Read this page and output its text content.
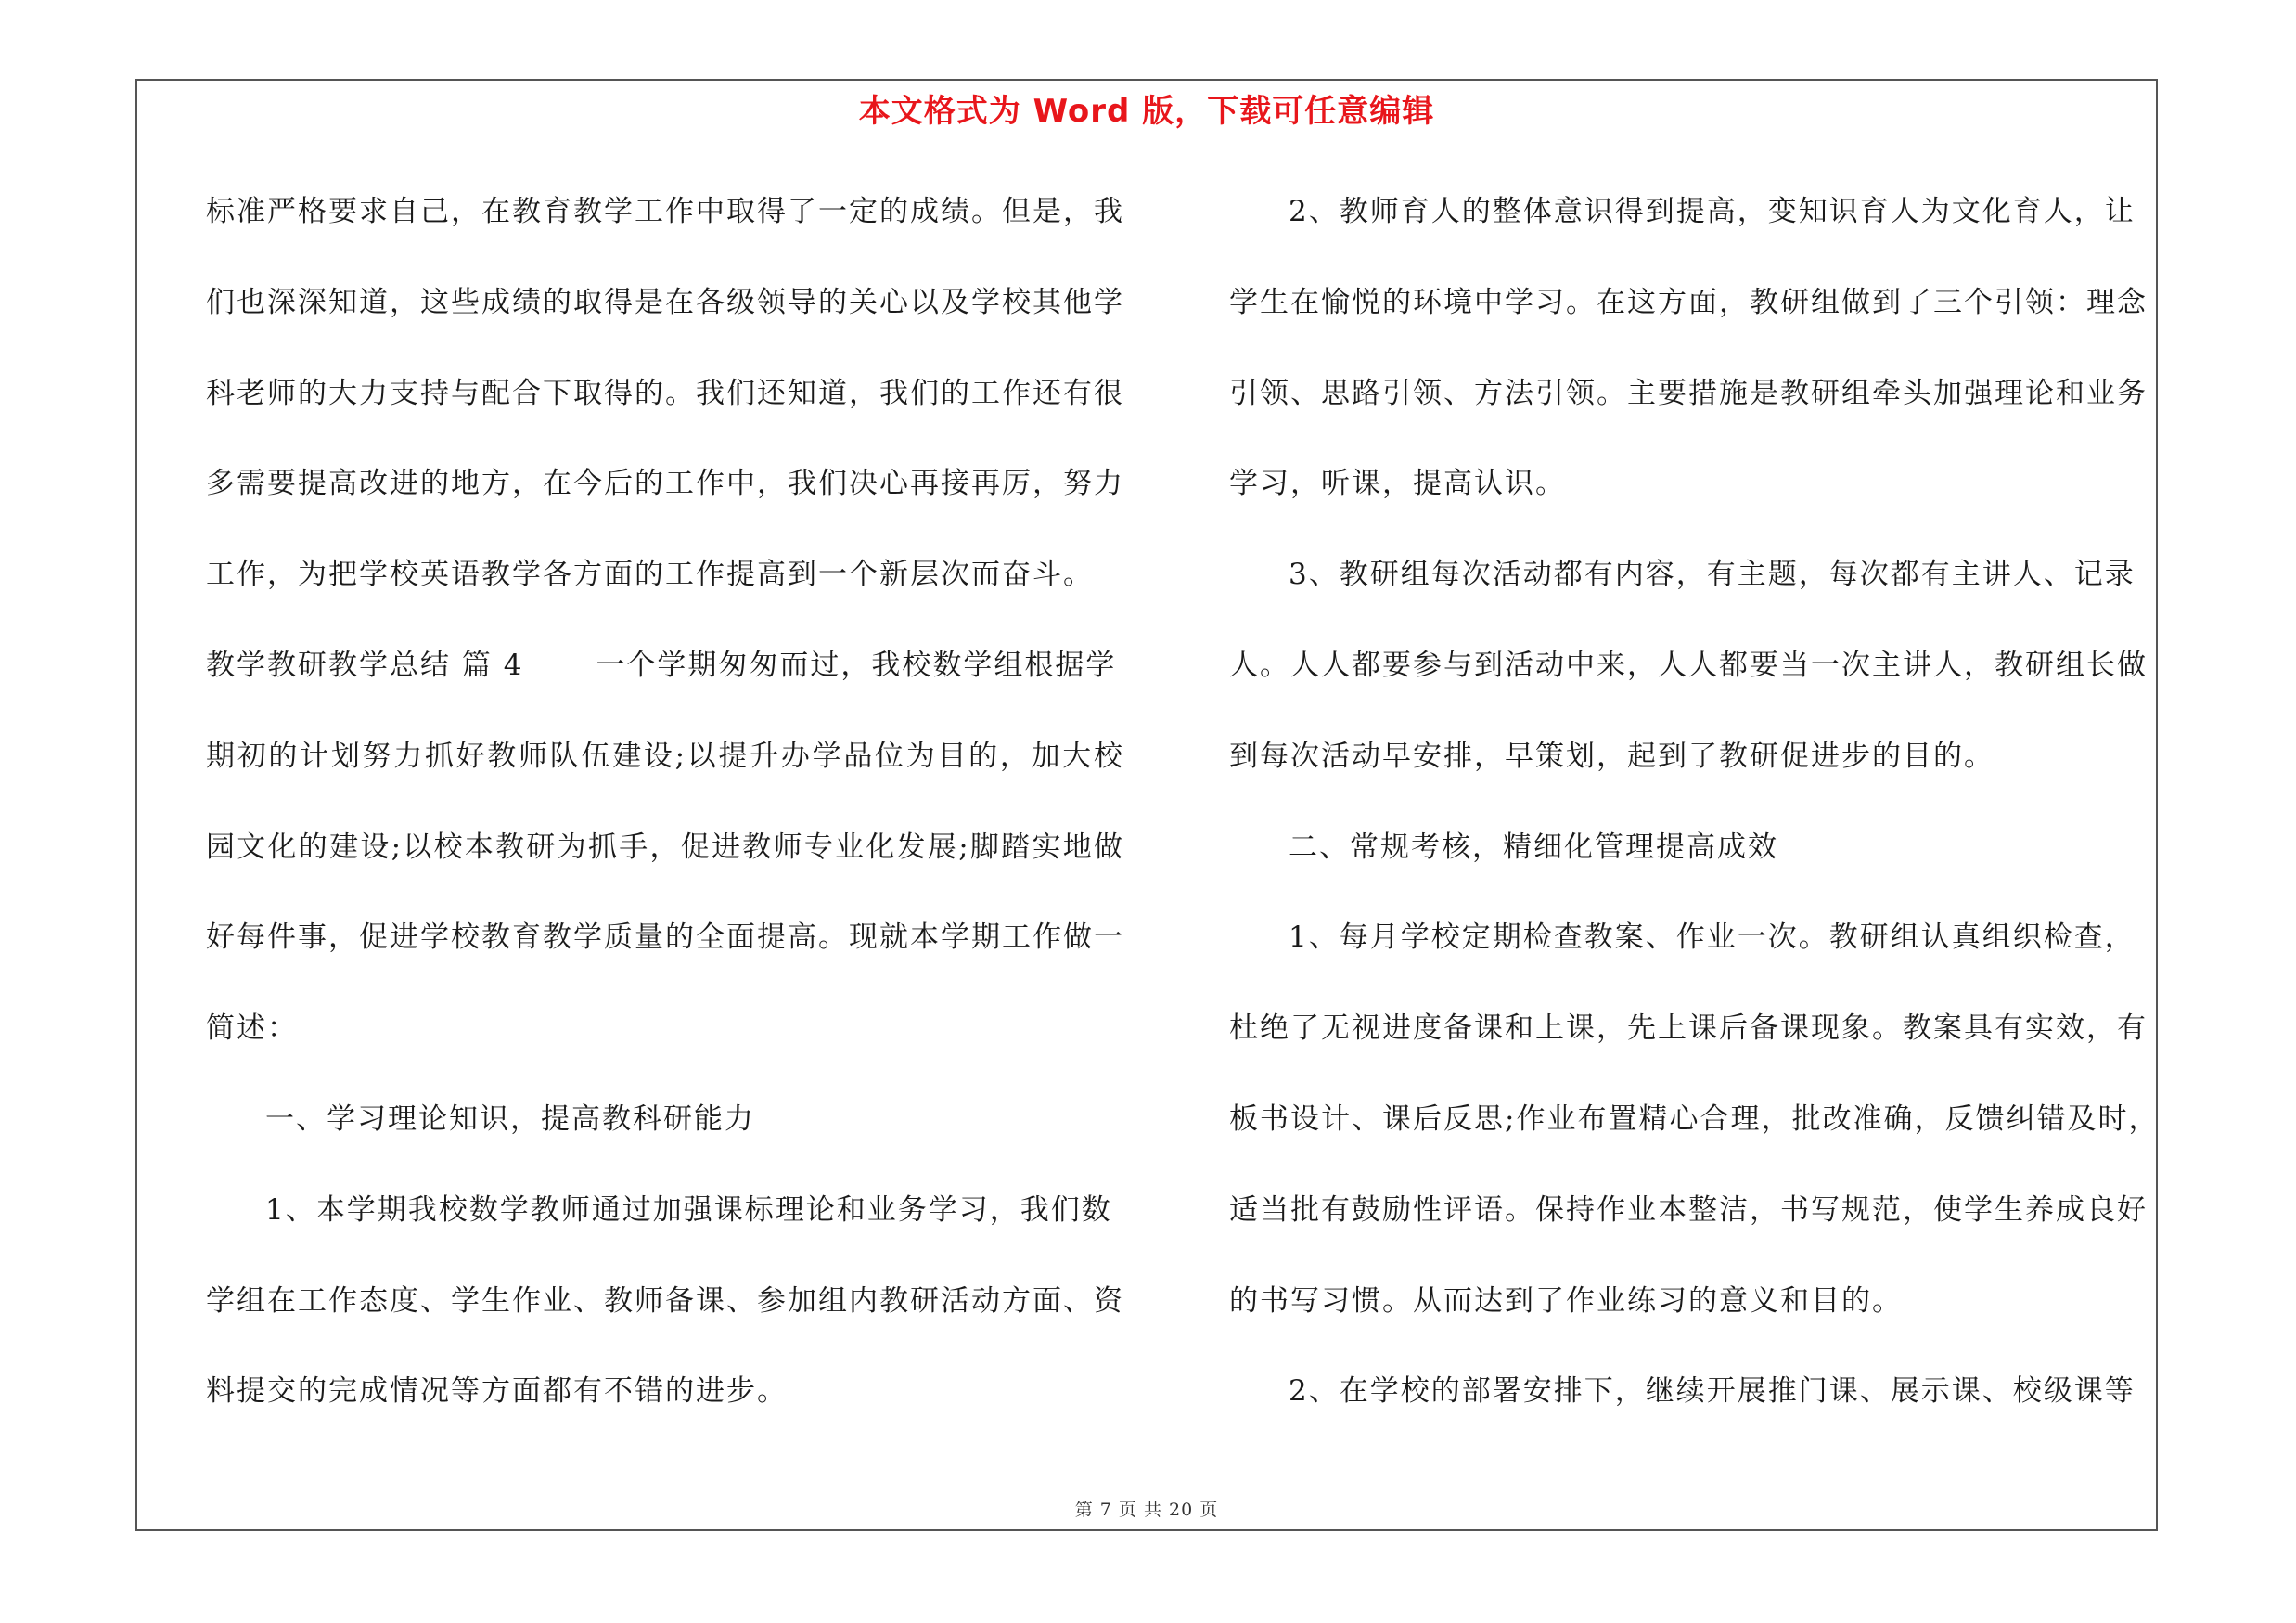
本文格式为 Word 版，下载可任意编辑
标准严格要求自己，在教育教学工作中取得了一定的成绩。但是，我
们也深深知道，这些成绩的取得是在各级领导的关心以及学校其他学
科老师的大力支持与配合下取得的。我们还知道，我们的工作还有很
多需要提高改进的地方，在今后的工作中，我们决心再接再厉，努力
工作，为把学校英语教学各方面的工作提高到一个新层次而奋斗。
教学教研教学总结 篇 4	一个学期匆匆而过，我校数学组根据学
期初的计划努力抓好教师队伍建设;以提升办学品位为目的，加大校
园文化的建设;以校本教研为抓手，促进教师专业化发展;脚踏实地做
好每件事，促进学校教育教学质量的全面提高。现就本学期工作做一
简述：
一、学习理论知识，提高教科研能力
1、本学期我校数学教师通过加强课标理论和业务学习，我们数
学组在工作态度、学生作业、教师备课、参加组内教研活动方面、资
料提交的完成情况等方面都有不错的进步。
2、教师育人的整体意识得到提高，变知识育人为文化育人，让
学生在愉悦的环境中学习。在这方面，教研组做到了三个引领：理念
引领、思路引领、方法引领。主要措施是教研组牵头加强理论和业务
学习，听课，提高认识。
3、教研组每次活动都有内容，有主题，每次都有主讲人、记录
人。人人都要参与到活动中来，人人都要当一次主讲人，教研组长做
到每次活动早安排，早策划，起到了教研促进步的目的。
二、常规考核，精细化管理提高成效
1、每月学校定期检查教案、作业一次。教研组认真组织检查，
杜绝了无视进度备课和上课，先上课后备课现象。教案具有实效，有
板书设计、课后反思;作业布置精心合理，批改准确，反馈纠错及时，
适当批有鼓励性评语。保持作业本整洁，书写规范，使学生养成良好
的书写习惯。从而达到了作业练习的意义和目的。
2、在学校的部署安排下，继续开展推门课、展示课、校级课等
第 7 页 共 20 页
